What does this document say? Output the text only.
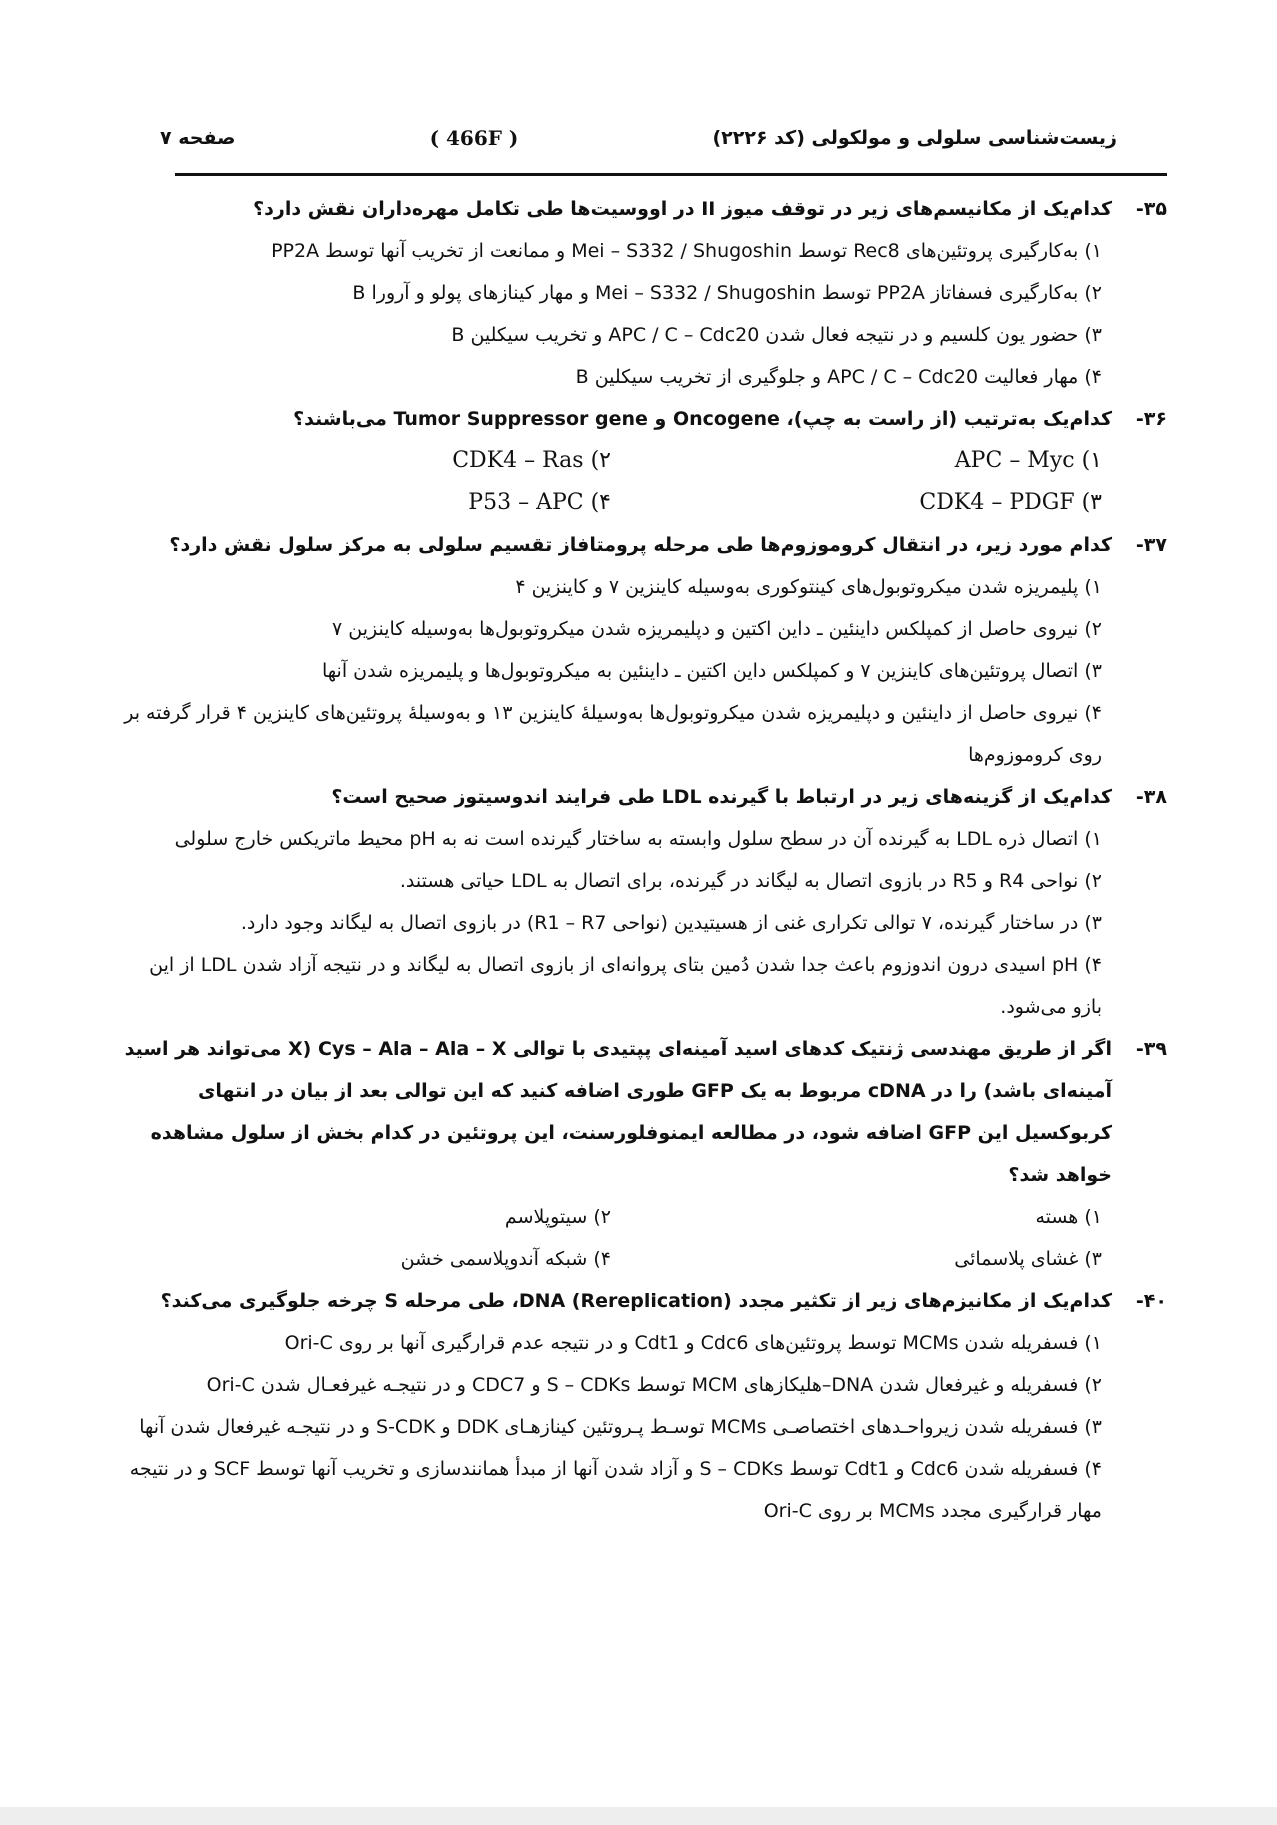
زیست‌شناسی سلولی و مولکولی (کد ۲۲۲۶)
( 466F )
صفحه ۷
۳۵-
کدام‌یک از مکانیسم‌های زیر در توقف میوز II در اووسیت‌ها طی تکامل مهره‌داران نقش دارد؟
۱) به‌کارگیری پروتئین‌های Rec8 توسط Mei – S332 / Shugoshin و ممانعت از تخریب آنها توسط PP2A
۲) به‌کارگیری فسفاتاز PP2A توسط Mei – S332 / Shugoshin و مهار کینازهای پولو و آرورا B
۳) حضور یون کلسیم و در نتیجه فعال شدن APC / C – Cdc20 و تخریب سیکلین B
۴) مهار فعالیت APC / C – Cdc20 و جلوگیری از تخریب سیکلین B
۳۶-
کدام‌یک به‌ترتیب (از راست به چپ)، Oncogene و Tumor Suppressor gene می‌باشند؟
۱) APC – Myc
۲) CDK4 – Ras
۳) CDK4 – PDGF
۴) P53 – APC
۳۷-
کدام مورد زیر، در انتقال کروموزوم‌ها طی مرحله پرومتافاز تقسیم سلولی به مرکز سلول نقش دارد؟
۱) پلیمریزه شدن میکروتوبول‌های کینتوکوری به‌وسیله کاینزین ۷ و کاینزین ۴
۲) نیروی حاصل از کمپلکس داینئین ـ داین اکتین و دپلیمریزه شدن میکروتوبول‌ها به‌وسیله کاینزین ۷
۳) اتصال پروتئین‌های کاینزین ۷ و کمپلکس داین اکتین ـ داینئین به میکروتوبول‌ها و پلیمریزه شدن آنها
۴) نیروی حاصل از داینئین و دپلیمریزه شدن میکروتوبول‌ها به‌وسیلهٔ کاینزین ۱۳ و به‌وسیلهٔ پروتئین‌های کاینزین ۴ قرار گرفته بر روی کروموزوم‌ها
۳۸-
کدام‌یک از گزینه‌های زیر در ارتباط با گیرنده LDL طی فرایند اندوسیتوز صحیح است؟
۱) اتصال ذره LDL به گیرنده آن در سطح سلول وابسته به ساختار گیرنده است نه به pH محیط ماتریکس خارج سلولی
۲) نواحی R4 و R5 در بازوی اتصال به لیگاند در گیرنده، برای اتصال به LDL حیاتی هستند.
۳) در ساختار گیرنده، ۷ توالی تکراری غنی از هسیتیدین (نواحی R1 – R7) در بازوی اتصال به لیگاند وجود دارد.
۴) pH اسیدی درون اندوزوم باعث جدا شدن دُمین بتای پروانه‌ای از بازوی اتصال به لیگاند و در نتیجه آزاد شدن LDL از این بازو می‌شود.
۳۹-
اگر از طریق مهندسی ژنتیک کدهای اسید آمینه‌ای پپتیدی با توالی Cys – Ala – Ala – X (X می‌تواند هر اسید آمینه‌ای باشد) را در cDNA مربوط به یک GFP طوری اضافه کنید که این توالی بعد از بیان در انتهای کربوکسیل این GFP اضافه شود، در مطالعه ایمنوفلورسنت، این پروتئین در کدام بخش از سلول مشاهده خواهد شد؟
۱) هسته
۲) سیتوپلاسم
۳) غشای پلاسمائی
۴) شبکه آندوپلاسمی خشن
۴۰-
کدام‌یک از مکانیزم‌های زیر از تکثیر مجدد DNA (Rereplication)، طی مرحله S چرخه جلوگیری می‌کند؟
۱) فسفریله شدن MCMs توسط پروتئین‌های Cdc6 و Cdt1 و در نتیجه عدم قرارگیری آنها بر روی Ori-C
۲) فسفریله و غیرفعال شدن DNA–هلیکازهای MCM توسط S – CDKs و CDC7 و در نتیجـه غیرفعـال شدن Ori-C
۳) فسفریله شدن زیرواحـدهای اختصاصـی MCMs توسـط پـروتئین کینازهـای DDK و S-CDK و در نتیجـه غیرفعال شدن آنها
۴) فسفریله شدن Cdc6 و Cdt1 توسط S – CDKs و آزاد شدن آنها از مبدأ همانندسازی و تخریب آنها توسط SCF و در نتیجه مهار قرارگیری مجدد MCMs بر روی Ori-C
